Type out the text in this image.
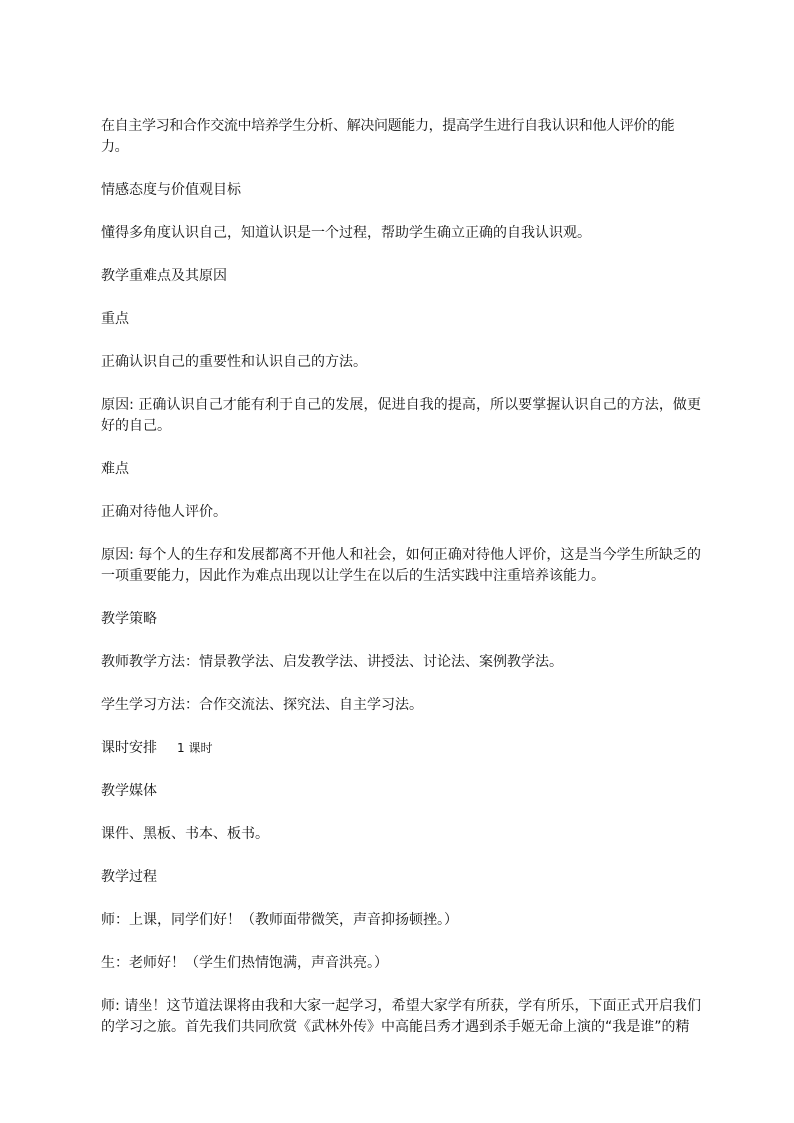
在自主学习和合作交流中培养学生分析、解决问题能力，提高学生进行自我认识和他人评价的能力。

情感态度与价值观目标

懂得多角度认识自己，知道认识是一个过程，帮助学生确立正确的自我认识观。

教学重难点及其原因

重点

正确认识自己的重要性和认识自己的方法。

原因: 正确认识自己才能有利于自己的发展，促进自我的提高，所以要掌握认识自己的方法，做更好的自己。

难点

正确对待他人评价。

原因: 每个人的生存和发展都离不开他人和社会，如何正确对待他人评价，这是当今学生所缺乏的一项重要能力，因此作为难点出现以让学生在以后的生活实践中注重培养该能力。

教学策略

教师教学方法：情景教学法、启发教学法、讲授法、讨论法、案例教学法。

学生学习方法：合作交流法、探究法、自主学习法。

课时安排 1 课时

教学媒体

课件、黑板、书本、板书。

教学过程

师：上课，同学们好！（教师面带微笑，声音抑扬顿挫。）

生：老师好！（学生们热情饱满，声音洪亮。）

师: 请坐！这节道法课将由我和大家一起学习，希望大家学有所获，学有所乐，下面正式开启我们的学习之旅。首先我们共同欣赏《武林外传》中高能吕秀才遇到杀手姬无命上演的“我是谁”的精
